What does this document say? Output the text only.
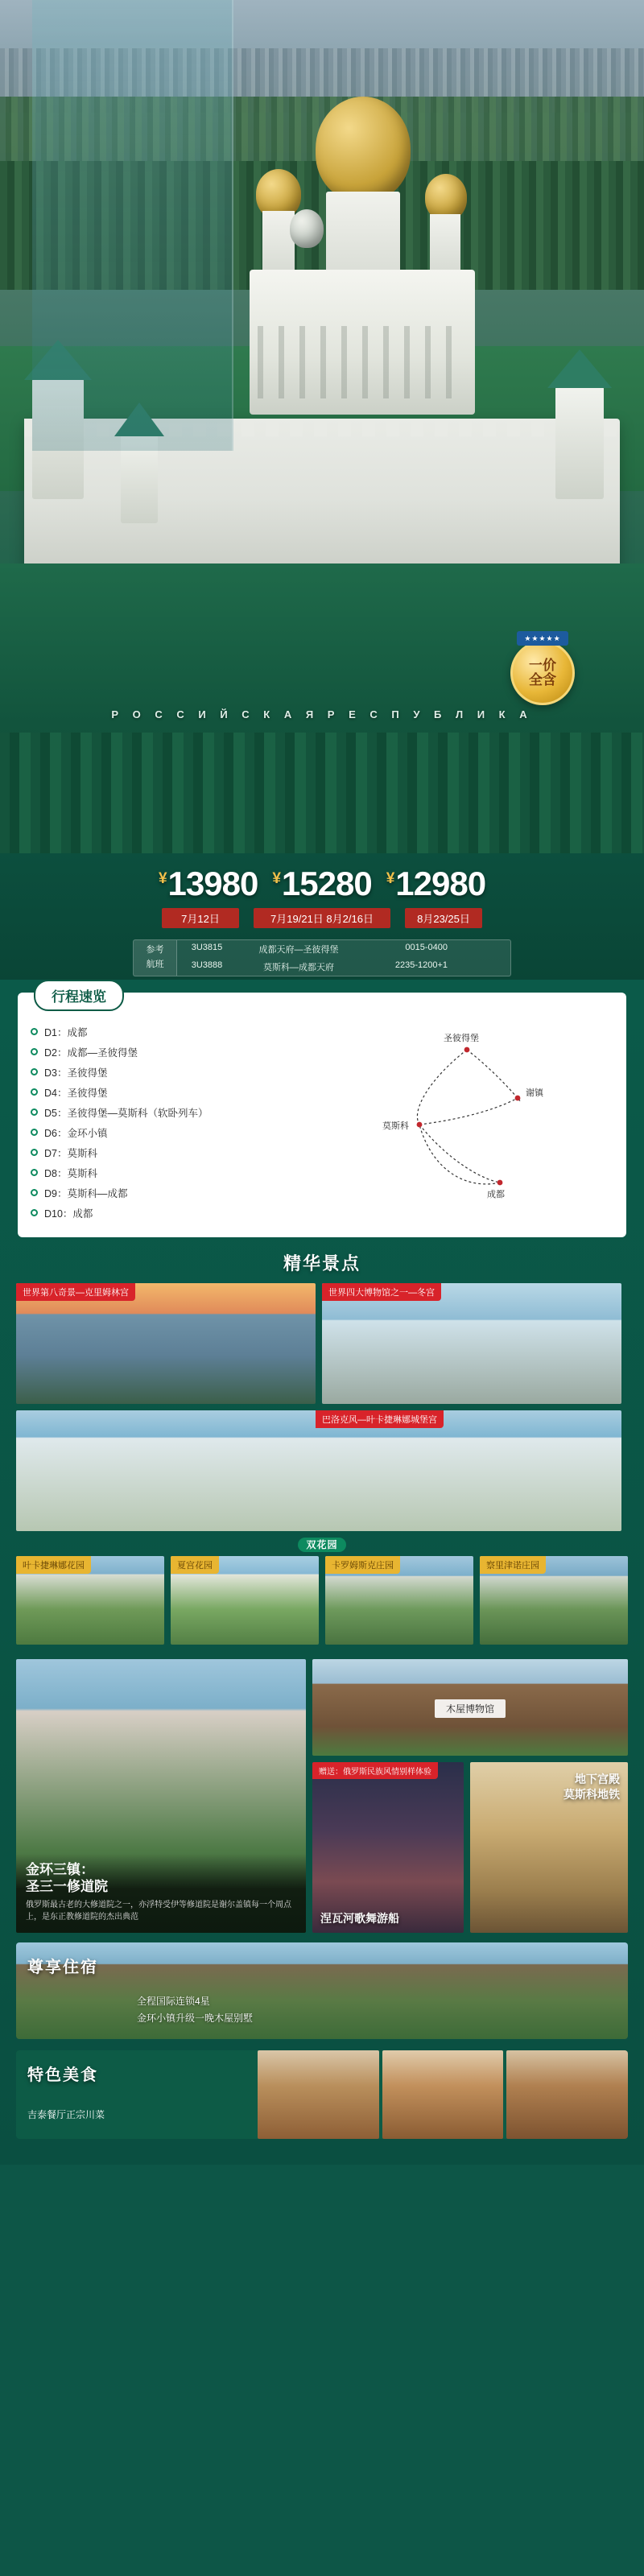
一价
全含
★★★★★
Р О С С И Й С К А Я Р Е С П У Б Л И К А
¥13980 ¥15280 ¥12980
7月12日	7月19/21日 8月2/16日	8月23/25日
参考
航班
3U3815	成都天府—圣彼得堡	0015-0400
3U3888	莫斯科—成都天府	2235-1200+1
行程速览
D1：成都
D2：成都—圣彼得堡
D3：圣彼得堡
D4：圣彼得堡
D5：圣彼得堡—莫斯科（软卧列车）
D6：金环小镇
D7：莫斯科
D8：莫斯科
D9：莫斯科—成都
D10：成都
圣彼得堡
谢镇
莫斯科
成都
精华景点
世界第八奇景—克里姆林宫	世界四大博物馆之一—冬宫
巴洛克风—叶卡捷琳娜城堡宫
双花园
叶卡捷琳娜花园	夏宫花园	卡罗姆斯克庄园	察里津诺庄园
金环三镇：
圣三一修道院
俄罗斯最古老的大修道院之一，亦浮特受伊等修道院是谢尔盖镇每一个周点上，是东正教修道院的杰出典范
木屋博物馆
赠送：俄罗斯民族风情别样体验
涅瓦河歌舞游船
地下宫殿
莫斯科地铁
尊享住宿
全程国际连锁4星
金环小镇升级一晚木屋别墅
特色美食
吉泰餐厅正宗川菜
